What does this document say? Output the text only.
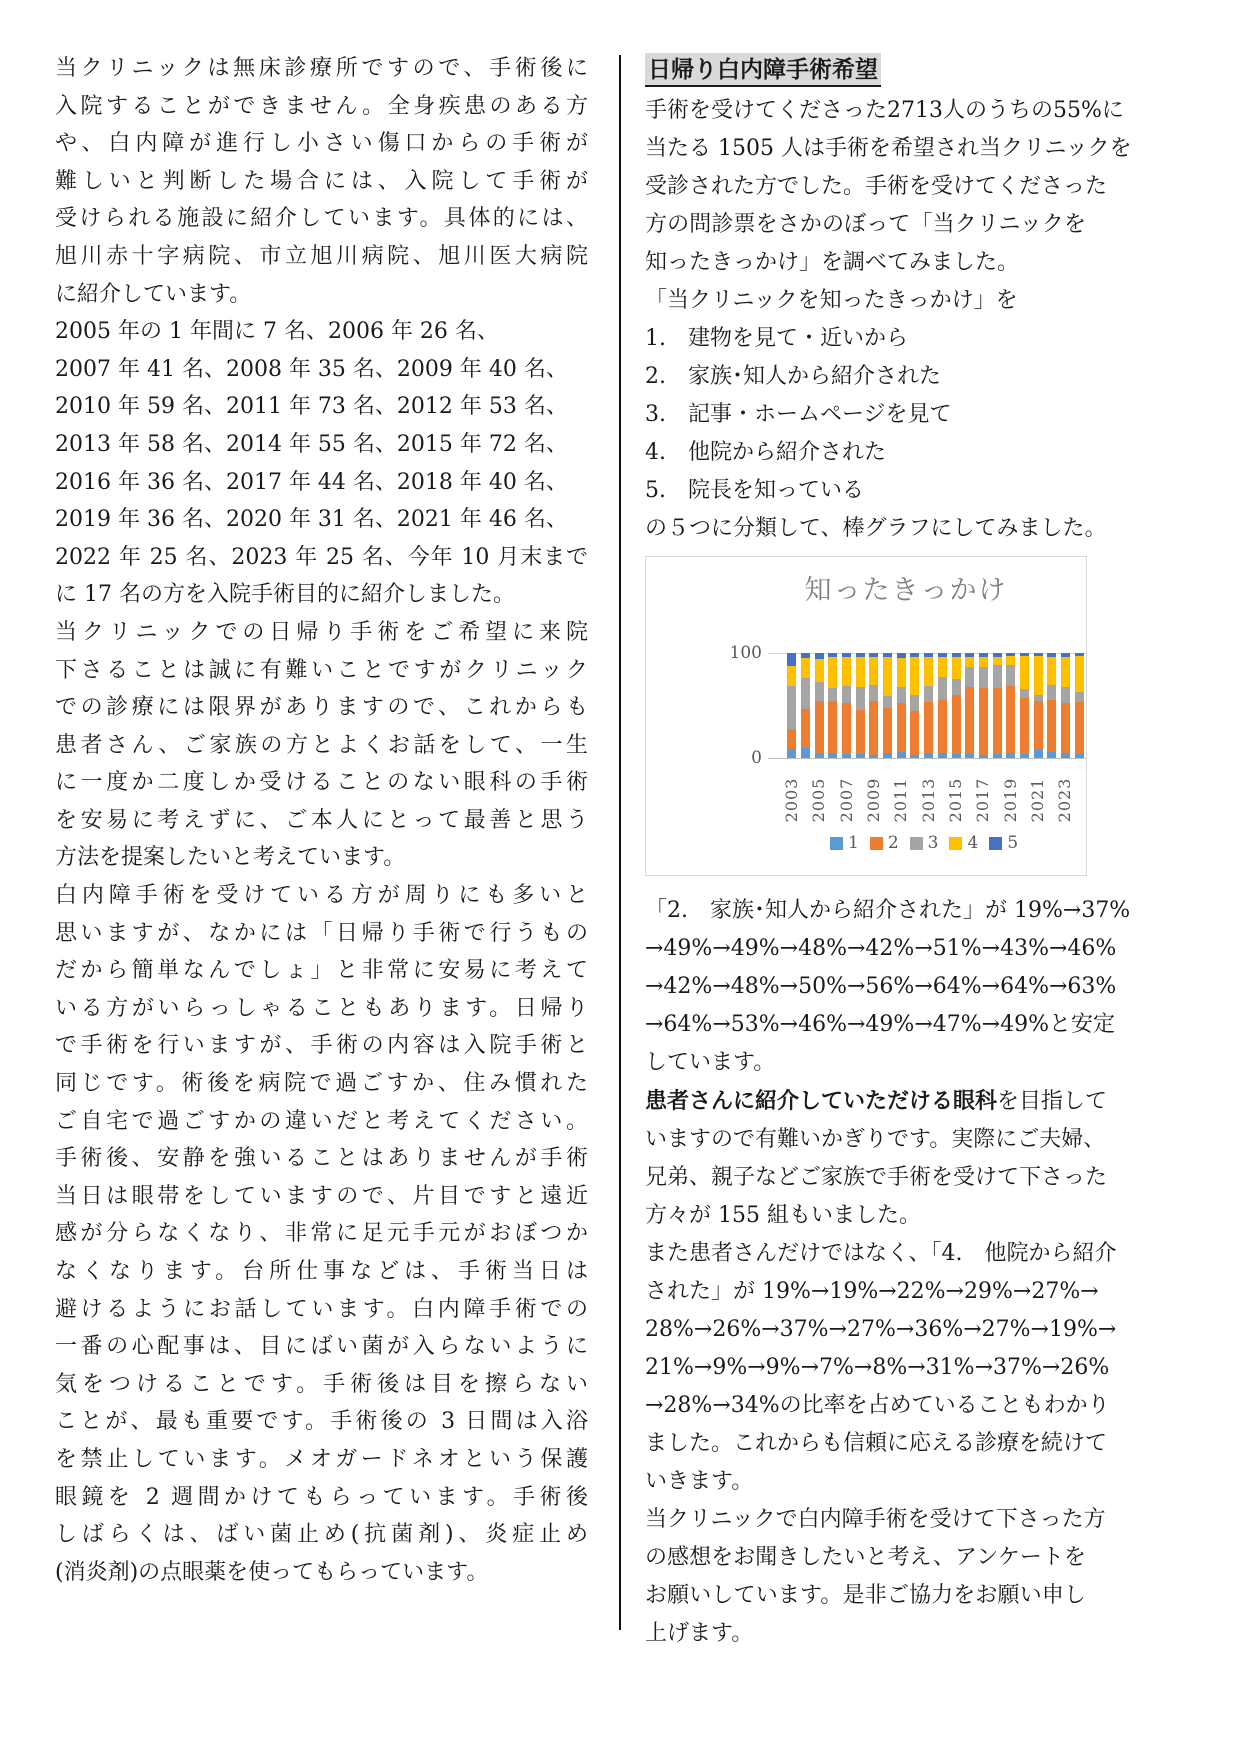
当クリニックは無床診療所ですので、手術後に
入院することができません。全身疾患のある方
や、白内障が進行し小さい傷口からの手術が
難しいと判断した場合には、入院して手術が
受けられる施設に紹介しています。具体的には、
旭川赤十字病院、市立旭川病院、旭川医大病院
に紹介しています。
2005 年の 1 年間に 7 名、2006 年 26 名、
2007 年 41 名、2008 年 35 名、2009 年 40 名、
2010 年 59 名、2011 年 73 名、2012 年 53 名、
2013 年 58 名、2014 年 55 名、2015 年 72 名、
2016 年 36 名、2017 年 44 名、2018 年 40 名、
2019 年 36 名、2020 年 31 名、2021 年 46 名、
2022 年 25 名、2023 年 25 名、今年 10 月末まで
に 17 名の方を入院手術目的に紹介しました。
当クリニックでの日帰り手術をご希望に来院
下さることは誠に有難いことですがクリニック
での診療には限界がありますので、これからも
患者さん、ご家族の方とよくお話をして、一生
に一度か二度しか受けることのない眼科の手術
を安易に考えずに、ご本人にとって最善と思う
方法を提案したいと考えています。
白内障手術を受けている方が周りにも多いと
思いますが、なかには「日帰り手術で行うもの
だから簡単なんでしょ」と非常に安易に考えて
いる方がいらっしゃることもあります。日帰り
で手術を行いますが、手術の内容は入院手術と
同じです。術後を病院で過ごすか、住み慣れた
ご自宅で過ごすかの違いだと考えてください。
手術後、安静を強いることはありませんが手術
当日は眼帯をしていますので、片目ですと遠近
感が分らなくなり、非常に足元手元がおぼつか
なくなります。台所仕事などは、手術当日は
避けるようにお話しています。白内障手術での
一番の心配事は、目にばい菌が入らないように
気をつけることです。手術後は目を擦らない
ことが、最も重要です。手術後の 3 日間は入浴
を禁止しています。メオガードネオという保護
眼鏡を 2 週間かけてもらっています。手術後
しばらくは、ばい菌止め(抗菌剤)、炎症止め
(消炎剤)の点眼薬を使ってもらっています。
日帰り白内障手術希望
手術を受けてくださった2713人のうちの55%に
当たる 1505 人は手術を希望され当クリニックを
受診された方でした。手術を受けてくださった
方の問診票をさかのぼって「当クリニックを
知ったきっかけ」を調べてみました。
「当クリニックを知ったきっかけ」を
1.　建物を見て・近いから
2.　家族･知人から紹介された
3.　記事・ホームページを見て
4.　他院から紹介された
5.　院長を知っている
の５つに分類して、棒グラフにしてみました。
知ったきっかけ
100
0
2003 2005 2007 2009 2011 2013 2015 2017 2019 2021 2023
1 2 3 4 5
「2.　家族･知人から紹介された」が 19%→37%
→49%→49%→48%→42%→51%→43%→46%
→42%→48%→50%→56%→64%→64%→63%
→64%→53%→46%→49%→47%→49%と安定
しています。
患者さんに紹介していただける眼科を目指して
いますので有難いかぎりです。実際にご夫婦、
兄弟、親子などご家族で手術を受けて下さった
方々が 155 組もいました。
また患者さんだけではなく、「4.　他院から紹介
された」が 19%→19%→22%→29%→27%→
28%→26%→37%→27%→36%→27%→19%→
21%→9%→9%→7%→8%→31%→37%→26%
→28%→34%の比率を占めていることもわかり
ました。これからも信頼に応える診療を続けて
いきます。
当クリニックで白内障手術を受けて下さった方
の感想をお聞きしたいと考え、アンケートを
お願いしています。是非ご協力をお願い申し
上げます。
